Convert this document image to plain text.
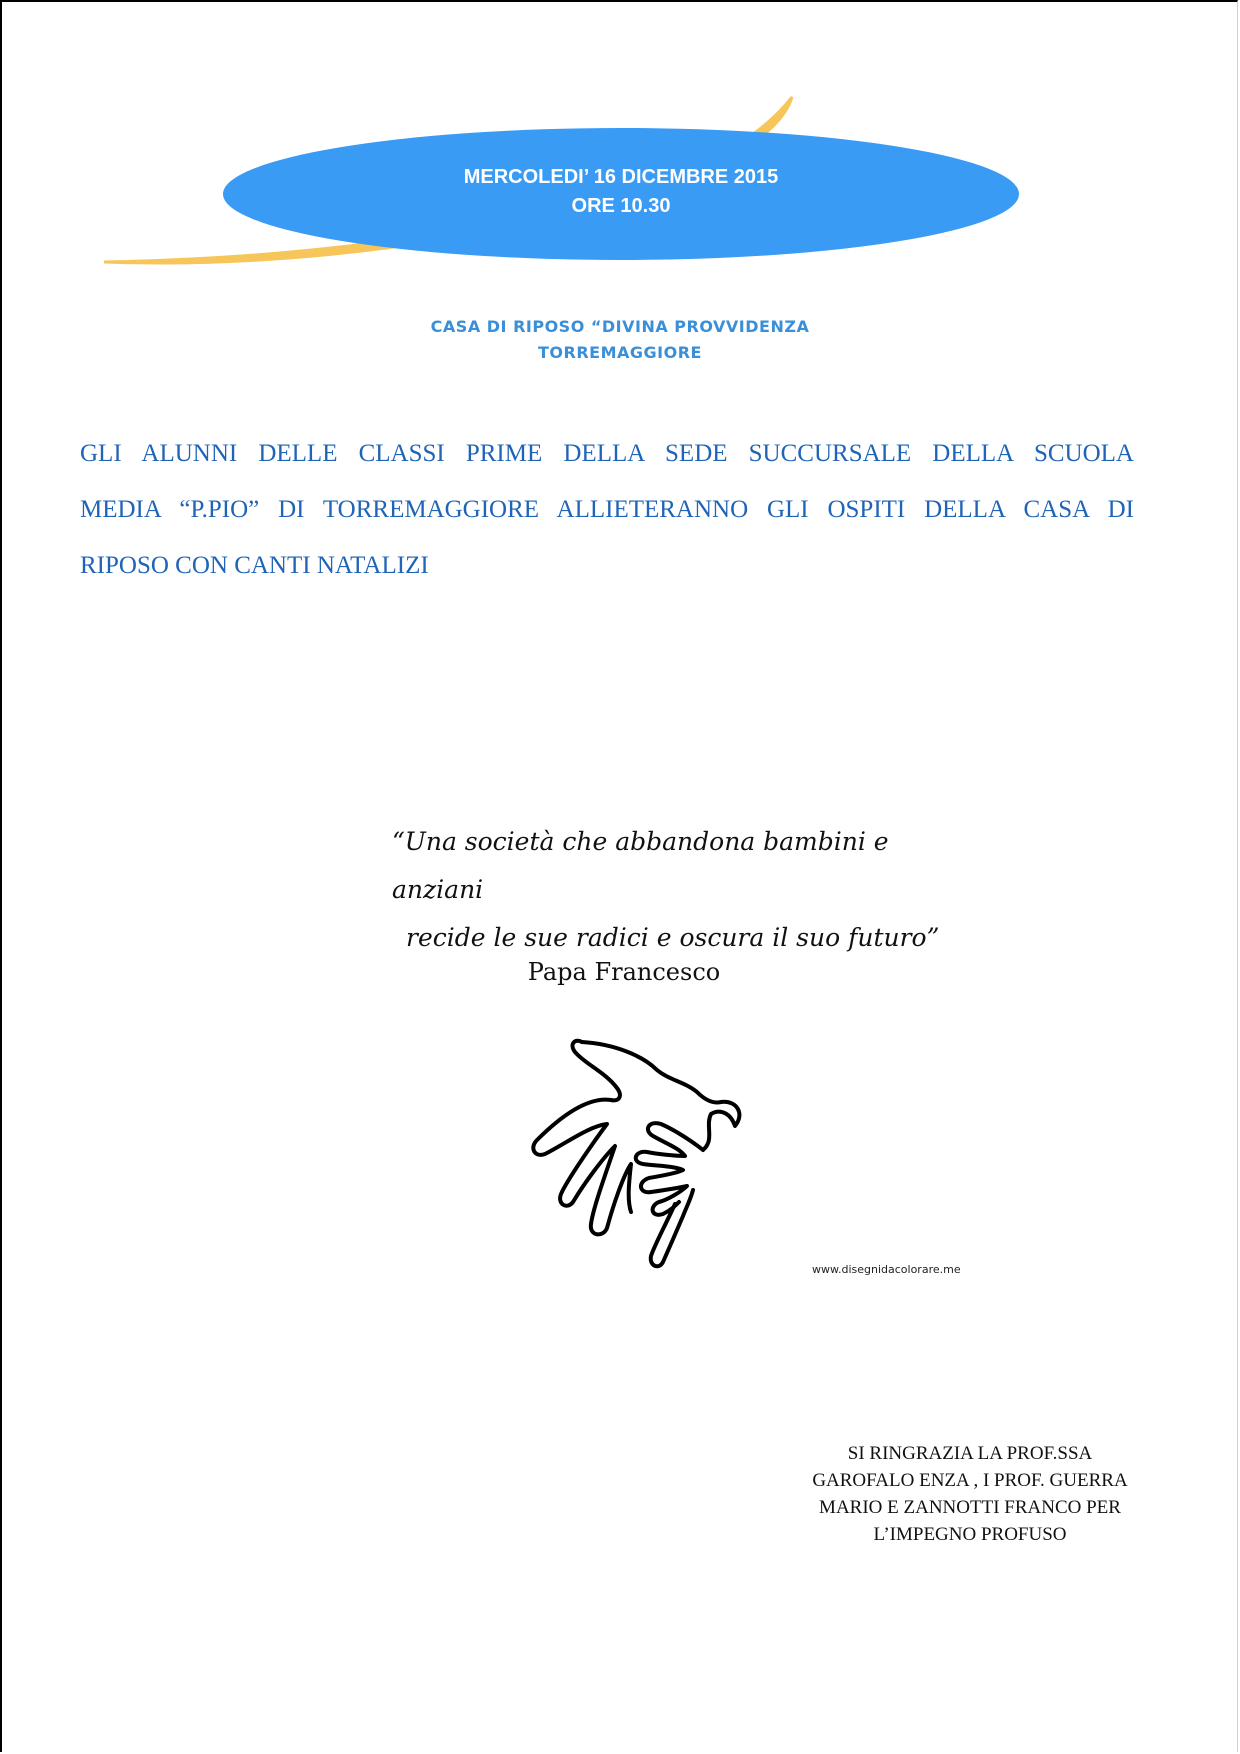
MERCOLEDI’ 16 DICEMBRE 2015
ORE 10.30
CASA DI RIPOSO “DIVINA PROVVIDENZA
TORREMAGGIORE
GLI ALUNNI DELLE CLASSI PRIME DELLA SEDE SUCCURSALE DELLA SCUOLA
MEDIA “P.PIO” DI TORREMAGGIORE ALLIETERANNO GLI OSPITI DELLA CASA DI
RIPOSO CON CANTI NATALIZI
“Una società che abbandona bambini e anziani
recide le sue radici e oscura il suo futuro”
Papa Francesco
www.disegnidacolorare.me
SI RINGRAZIA LA PROF.SSA
GAROFALO ENZA , I PROF. GUERRA
MARIO E ZANNOTTI FRANCO PER
L’IMPEGNO PROFUSO
